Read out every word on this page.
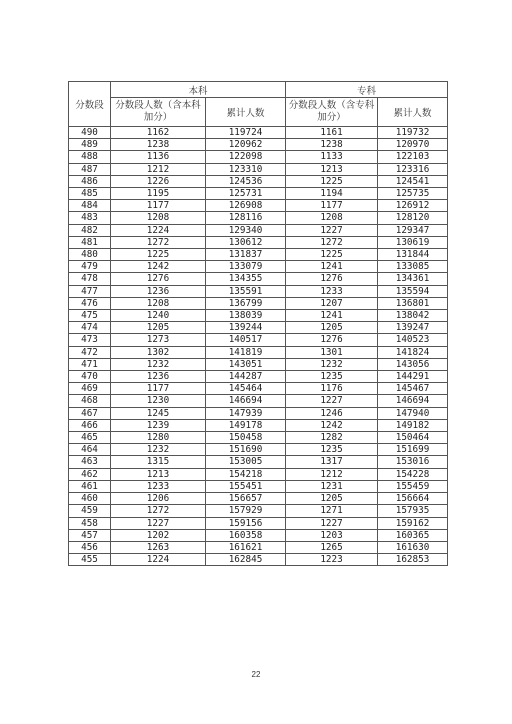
分数段	本科		专科	
	分数段人数（含本科加分）	累计人数	分数段人数（含专科加分）	累计人数
490	1162	119724	1161	119732
489	1238	120962	1238	120970
488	1136	122098	1133	122103
487	1212	123310	1213	123316
486	1226	124536	1225	124541
485	1195	125731	1194	125735
484	1177	126908	1177	126912
483	1208	128116	1208	128120
482	1224	129340	1227	129347
481	1272	130612	1272	130619
480	1225	131837	1225	131844
479	1242	133079	1241	133085
478	1276	134355	1276	134361
477	1236	135591	1233	135594
476	1208	136799	1207	136801
475	1240	138039	1241	138042
474	1205	139244	1205	139247
473	1273	140517	1276	140523
472	1302	141819	1301	141824
471	1232	143051	1232	143056
470	1236	144287	1235	144291
469	1177	145464	1176	145467
468	1230	146694	1227	146694
467	1245	147939	1246	147940
466	1239	149178	1242	149182
465	1280	150458	1282	150464
464	1232	151690	1235	151699
463	1315	153005	1317	153016
462	1213	154218	1212	154228
461	1233	155451	1231	155459
460	1206	156657	1205	156664
459	1272	157929	1271	157935
458	1227	159156	1227	159162
457	1202	160358	1203	160365
456	1263	161621	1265	161630
455	1224	162845	1223	162853
22
